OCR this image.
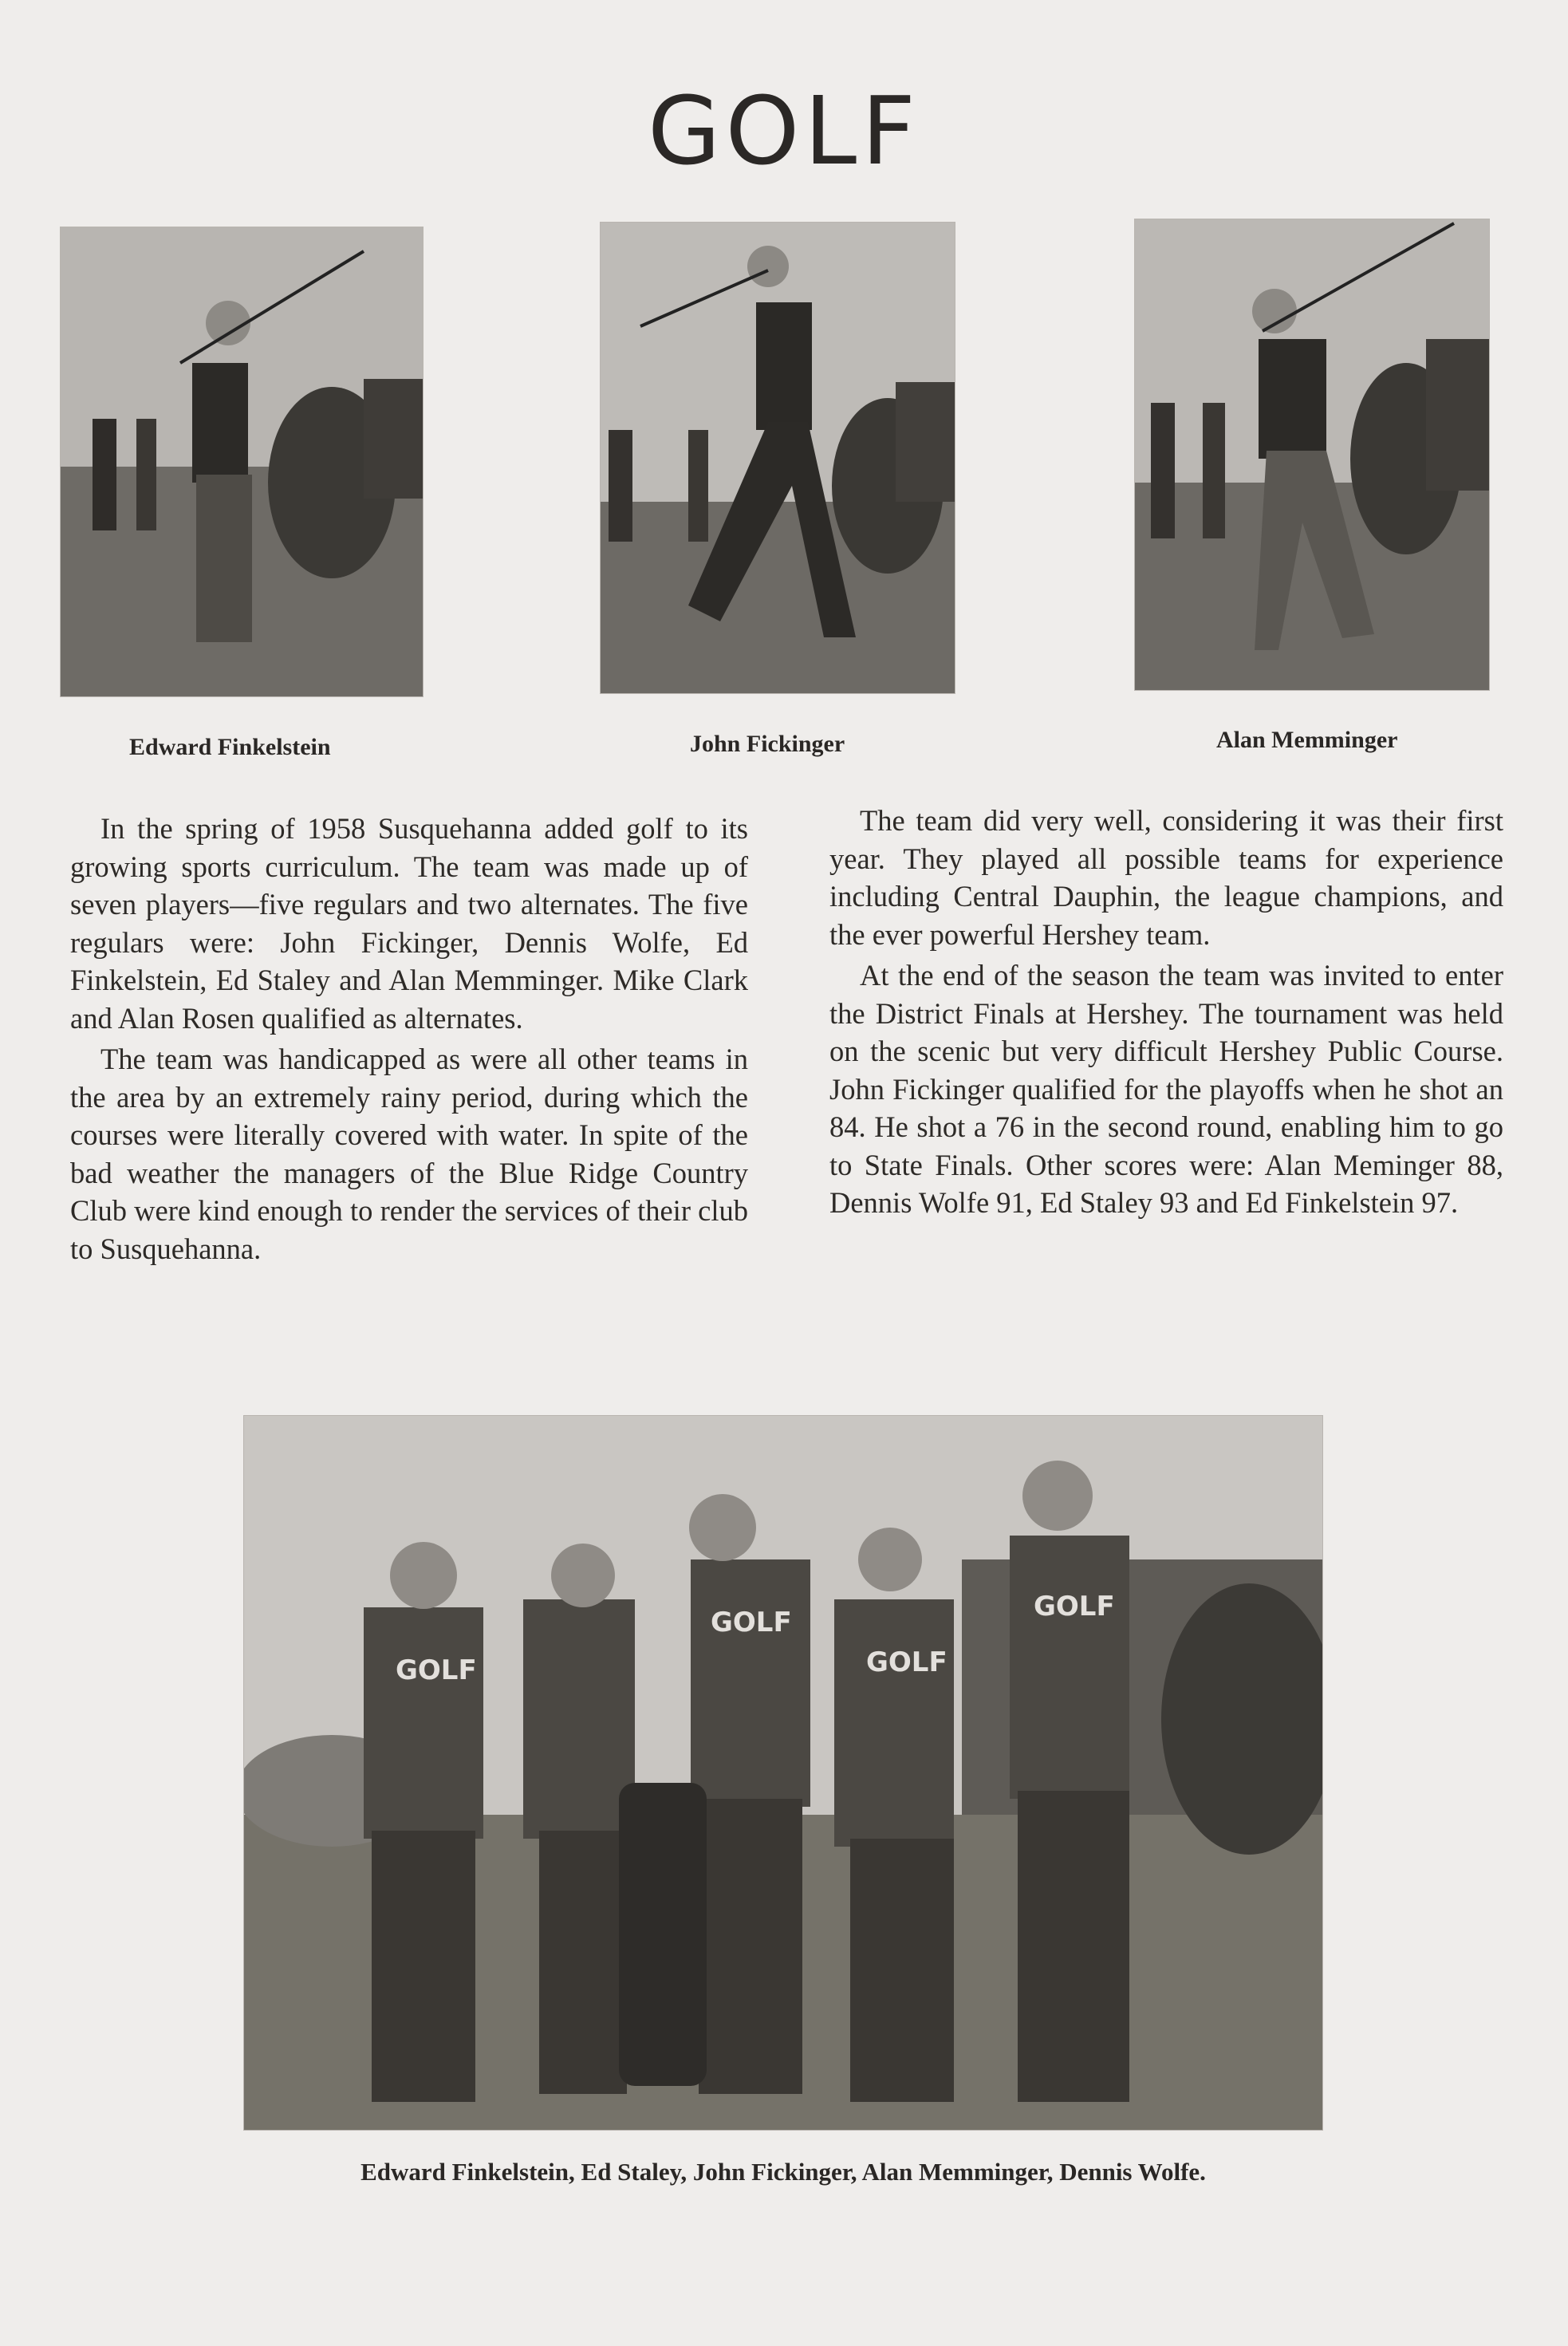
GOLF
Edward Finkelstein	John Fickinger	Alan Memminger

In the spring of 1958 Susquehanna added golf to its growing sports curriculum. The team was made up of seven players—five regulars and two alternates. The five regulars were: John Fickinger, Dennis Wolfe, Ed Finkelstein, Ed Staley and Alan Memminger. Mike Clark and Alan Rosen qualified as alternates.

The team was handicapped as were all other teams in the area by an extremely rainy period, during which the courses were literally covered with water. In spite of the bad weather the managers of the Blue Ridge Country Club were kind enough to render the services of their club to Susquehanna.

The team did very well, considering it was their first year. They played all possible teams for experience including Central Dauphin, the league champions, and the ever powerful Hershey team.

At the end of the season the team was invited to enter the District Finals at Hershey. The tournament was held on the scenic but very difficult Hershey Public Course. John Fickinger qualified for the playoffs when he shot an 84. He shot a 76 in the second round, enabling him to go to State Finals. Other scores were: Alan Meminger 88, Dennis Wolfe 91, Ed Staley 93 and Ed Finkelstein 97.

GOLF
GOLF
GOLF
GOLF
Edward Finkelstein, Ed Staley, John Fickinger, Alan Memminger, Dennis Wolfe.
